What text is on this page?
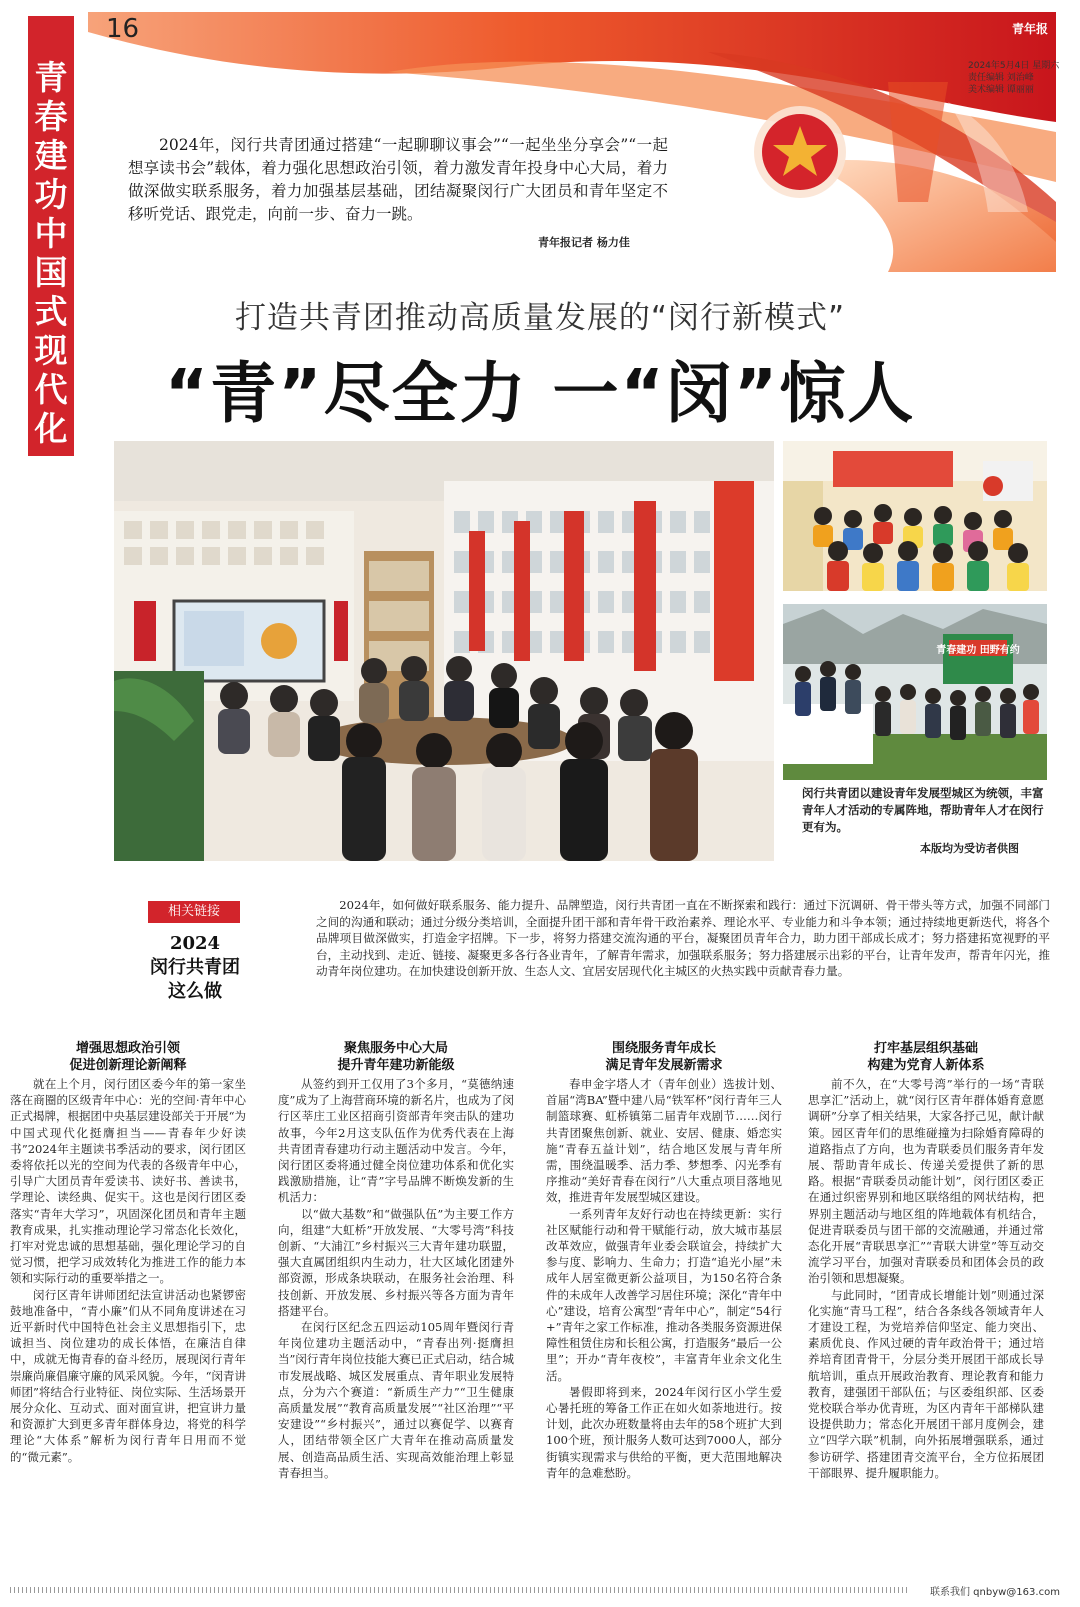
青春建功中国式现代化
16	青年报
2024年5月4日 星期六
责任编辑 刘治峰
美术编辑 谭丽丽

2024年，闵行共青团通过搭建“一起聊聊议事会”“一起坐坐分享会”“一起想享读书会”载体，着力强化思想政治引领，着力激发青年投身中心大局，着力做深做实联系服务，着力加强基层基础，团结凝聚闵行广大团员和青年坚定不移听党话、跟党走，向前一步、奋力一跳。

青年报记者 杨力佳
打造共青团推动高质量发展的“闵行新模式”
“青”尽全力 一“闵”惊人
青春建功 田野有约
闵行共青团以建设青年发展型城区为统领，丰富青年人才活动的专属阵地，帮助青年人才在闵行更有为。
本版均为受访者供图
相关链接
2024
闵行共青团
这么做

2024年，如何做好联系服务、能力提升、品牌塑造，闵行共青团一直在不断探索和践行：通过下沉调研、骨干带头等方式，加强不同部门之间的沟通和联动；通过分级分类培训，全面提升团干部和青年骨干政治素养、理论水平、专业能力和斗争本领；通过持续地更新迭代，将各个品牌项目做深做实，打造金字招牌。下一步，将努力搭建交流沟通的平台，凝聚团员青年合力，助力团干部成长成才；努力搭建拓宽视野的平台，主动找到、走近、链接、凝聚更多各行各业青年，了解青年需求，加强联系服务；努力搭建展示出彩的平台，让青年发声，帮青年闪光，推动青年岗位建功。在加快建设创新开放、生态人文、宜居安居现代化主城区的火热实践中贡献青春力量。

增强思想政治引领
促进创新理论新阐释

就在上个月，闵行团区委今年的第一家坐落在商圈的区级青年中心：光的空间·青年中心正式揭牌，根据团中央基层建设部关于开展“为中国式现代化挺膺担当——青春年少好读书”2024年主题读书季活动的要求，闵行团区委将依托以光的空间为代表的各级青年中心，引导广大团员青年爱读书、读好书、善读书，学理论、读经典、促实干。这也是闵行团区委落实“青年大学习”，巩固深化团员和青年主题教育成果，扎实推动理论学习常态化长效化，打牢对党忠诚的思想基础，强化理论学习的自觉习惯，把学习成效转化为推进工作的能力本领和实际行动的重要举措之一。

闵行区青年讲师团纪法宣讲活动也紧锣密鼓地准备中，“青小廉”们从不同角度讲述在习近平新时代中国特色社会主义思想指引下，忠诚担当、岗位建功的成长体悟，在廉洁自律中，成就无悔青春的奋斗经历，展现闵行青年崇廉尚廉倡廉守廉的风采风貌。今年，“闵青讲师团”将结合行业特征、岗位实际、生活场景开展分众化、互动式、面对面宣讲，把宣讲力量和资源扩大到更多青年群体身边，将党的科学理论“大体系”解析为闵行青年日用而不觉的“微元素”。

聚焦服务中心大局
提升青年建功新能级

从签约到开工仅用了3个多月，“莫德纳速度”成为了上海营商环境的新名片，也成为了闵行区莘庄工业区招商引资部青年突击队的建功故事，今年2月这支队伍作为优秀代表在上海共青团青春建功行动主题活动中发言。今年，闵行团区委将通过健全岗位建功体系和优化实践激励措施，让“青”字号品牌不断焕发新的生机活力：

以“做大基数”和“做强队伍”为主要工作方向，组建“大虹桥”开放发展、“大零号湾”科技创新、“大浦江”乡村振兴三大青年建功联盟，强大直属团组织内生动力，壮大区域化团建外部资源，形成条块联动，在服务社会治理、科技创新、开放发展、乡村振兴等各方面为青年搭建平台。

在闵行区纪念五四运动105周年暨闵行青年岗位建功主题活动中，“青春出列·挺膺担当”闵行青年岗位技能大赛已正式启动，结合城市发展战略、城区发展重点、青年职业发展特点，分为六个赛道：“新质生产力”“卫生健康高质量发展”“教育高质量发展”“社区治理”“平安建设”“乡村振兴”，通过以赛促学、以赛育人，团结带领全区广大青年在推动高质量发展、创造高品质生活、实现高效能治理上彰显青春担当。

围绕服务青年成长
满足青年发展新需求

春申金字塔人才（青年创业）选拔计划、首届“湾BA”暨中建八局“铁军杯”闵行青年三人制篮球赛、虹桥镇第二届青年戏剧节……闵行共青团聚焦创新、就业、安居、健康、婚恋实施“青春五益计划”，结合地区发展与青年所需，围绕温暖季、活力季、梦想季、闪光季有序推动“美好青春在闵行”八大重点项目落地见效，推进青年发展型城区建设。

一系列青年友好行动也在持续更新：实行社区赋能行动和骨干赋能行动，放大城市基层改革效应，做强青年业委会联谊会，持续扩大参与度、影响力、生命力；打造“追光小屋”未成年人居室微更新公益项目，为150名符合条件的未成年人改善学习居住环境；深化“青年中心”建设，培育公寓型“青年中心”，制定“54行+”青年之家工作标准，推动各类服务资源进保障性租赁住房和长租公寓，打造服务“最后一公里”；开办“青年夜校”，丰富青年业余文化生活。

暑假即将到来，2024年闵行区小学生爱心暑托班的筹备工作正在如火如荼地进行。按计划，此次办班数量将由去年的58个班扩大到100个班，预计服务人数可达到7000人，部分街镇实现需求与供给的平衡，更大范围地解决青年的急难愁盼。

打牢基层组织基础
构建为党育人新体系

前不久，在“大零号湾”举行的一场“青联思享汇”活动上，就“闵行区青年群体婚育意愿调研”分享了相关结果，大家各抒己见，献计献策。园区青年们的思维碰撞为扫除婚育障碍的道路指点了方向，也为青联委员们服务青年发展、帮助青年成长、传递关爱提供了新的思路。根据“青联委员动能计划”，闵行团区委正在通过织密界别和地区联络组的网状结构，把界别主题活动与地区组的阵地载体有机结合，促进青联委员与团干部的交流融通，并通过常态化开展“青联思享汇”“青联大讲堂”等互动交流学习平台，加强对青联委员和团体会员的政治引领和思想凝聚。

与此同时，“团青成长增能计划”则通过深化实施“青马工程”，结合各条线各领域青年人才建设工程，为党培养信仰坚定、能力突出、素质优良、作风过硬的青年政治骨干；通过培养培育团青骨干，分层分类开展团干部成长导航培训，重点开展政治教育、理论教育和能力教育，建强团干部队伍；与区委组织部、区委党校联合举办优青班，为区内青年干部梯队建设提供助力；常态化开展团干部月度例会，建立“四学六联”机制，向外拓展增强联系，通过参访研学、搭建团青交流平台，全方位拓展团干部眼界、提升履职能力。

联系我们 qnbyw@163.com
